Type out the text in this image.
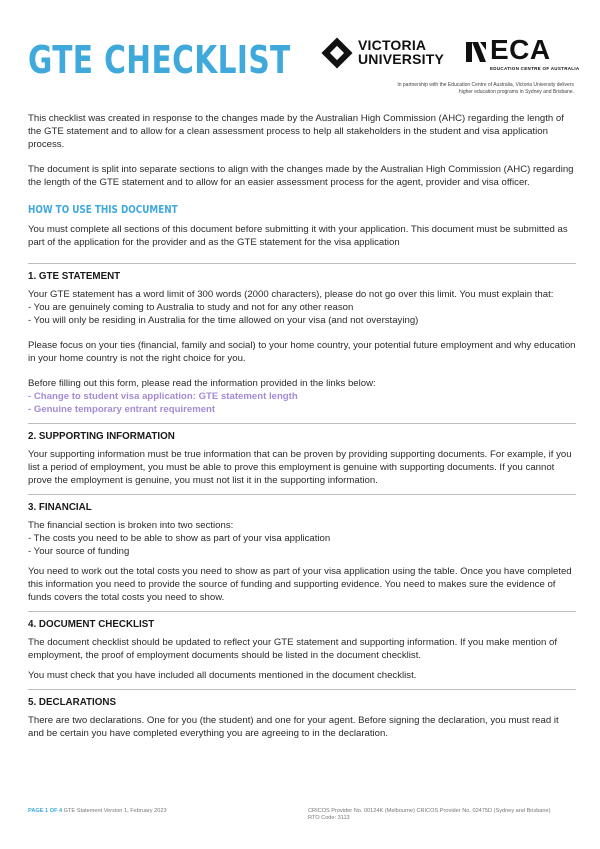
GTE CHECKLIST	VICTORIA
UNIVERSITY ECA
EDUCATION CENTRE OF AUSTRALIA
In partnership with the Education Centre of Australia, Victoria University delivers higher education programs in Sydney and Brisbane.

This checklist was created in response to the changes made by the Australian High Commission (AHC) regarding the length of the GTE statement and to allow for a clean assessment process to help all stakeholders in the student and visa application process.

The document is split into separate sections to align with the changes made by the Australian High Commission (AHC) regarding the length of the GTE statement and to allow for an easier assessment process for the agent, provider and visa officer.

HOW TO USE THIS DOCUMENT

You must complete all sections of this document before submitting it with your application. This document must be submitted as part of the application for the provider and as the GTE statement for the visa application

1. GTE STATEMENT

Your GTE statement has a word limit of 300 words (2000 characters), please do not go over this limit. You must explain that:

- You are genuinely coming to Australia to study and not for any other reason

- You will only be residing in Australia for the time allowed on your visa (and not overstaying)

Please focus on your ties (financial, family and social) to your home country, your potential future employment and why education in your home country is not the right choice for you.

Before filling out this form, please read the information provided in the links below:

- Change to student visa application: GTE statement length

- Genuine temporary entrant requirement

2. SUPPORTING INFORMATION

Your supporting information must be true information that can be proven by providing supporting documents. For example, if you list a period of employment, you must be able to prove this employment is genuine with supporting documents. If you cannot prove the employment is genuine, you must not list it in the supporting information.

3. FINANCIAL

The financial section is broken into two sections:

- The costs you need to be able to show as part of your visa application

- Your source of funding

You need to work out the total costs you need to show as part of your visa application using the table. Once you have completed this information you need to provide the source of funding and supporting evidence. You need to makes sure the evidence of funds covers the total costs you need to show.

4. DOCUMENT CHECKLIST

The document checklist should be updated to reflect your GTE statement and supporting information. If you make mention of employment, the proof of employment documents should be listed in the document checklist.

You must check that you have included all documents mentioned in the document checklist.

5. DECLARATIONS

There are two declarations. One for you (the student) and one for your agent. Before signing the declaration, you must read it and be certain you have completed everything you are agreeing to in the declaration.

PAGE 1 OF 4 GTE Statement Version 1, February 2023	CRICOS Provider No. 00124K (Melbourne) CRICOS Provider No. 02475D (Sydney and Brisbane)
RTO Code: 3113
